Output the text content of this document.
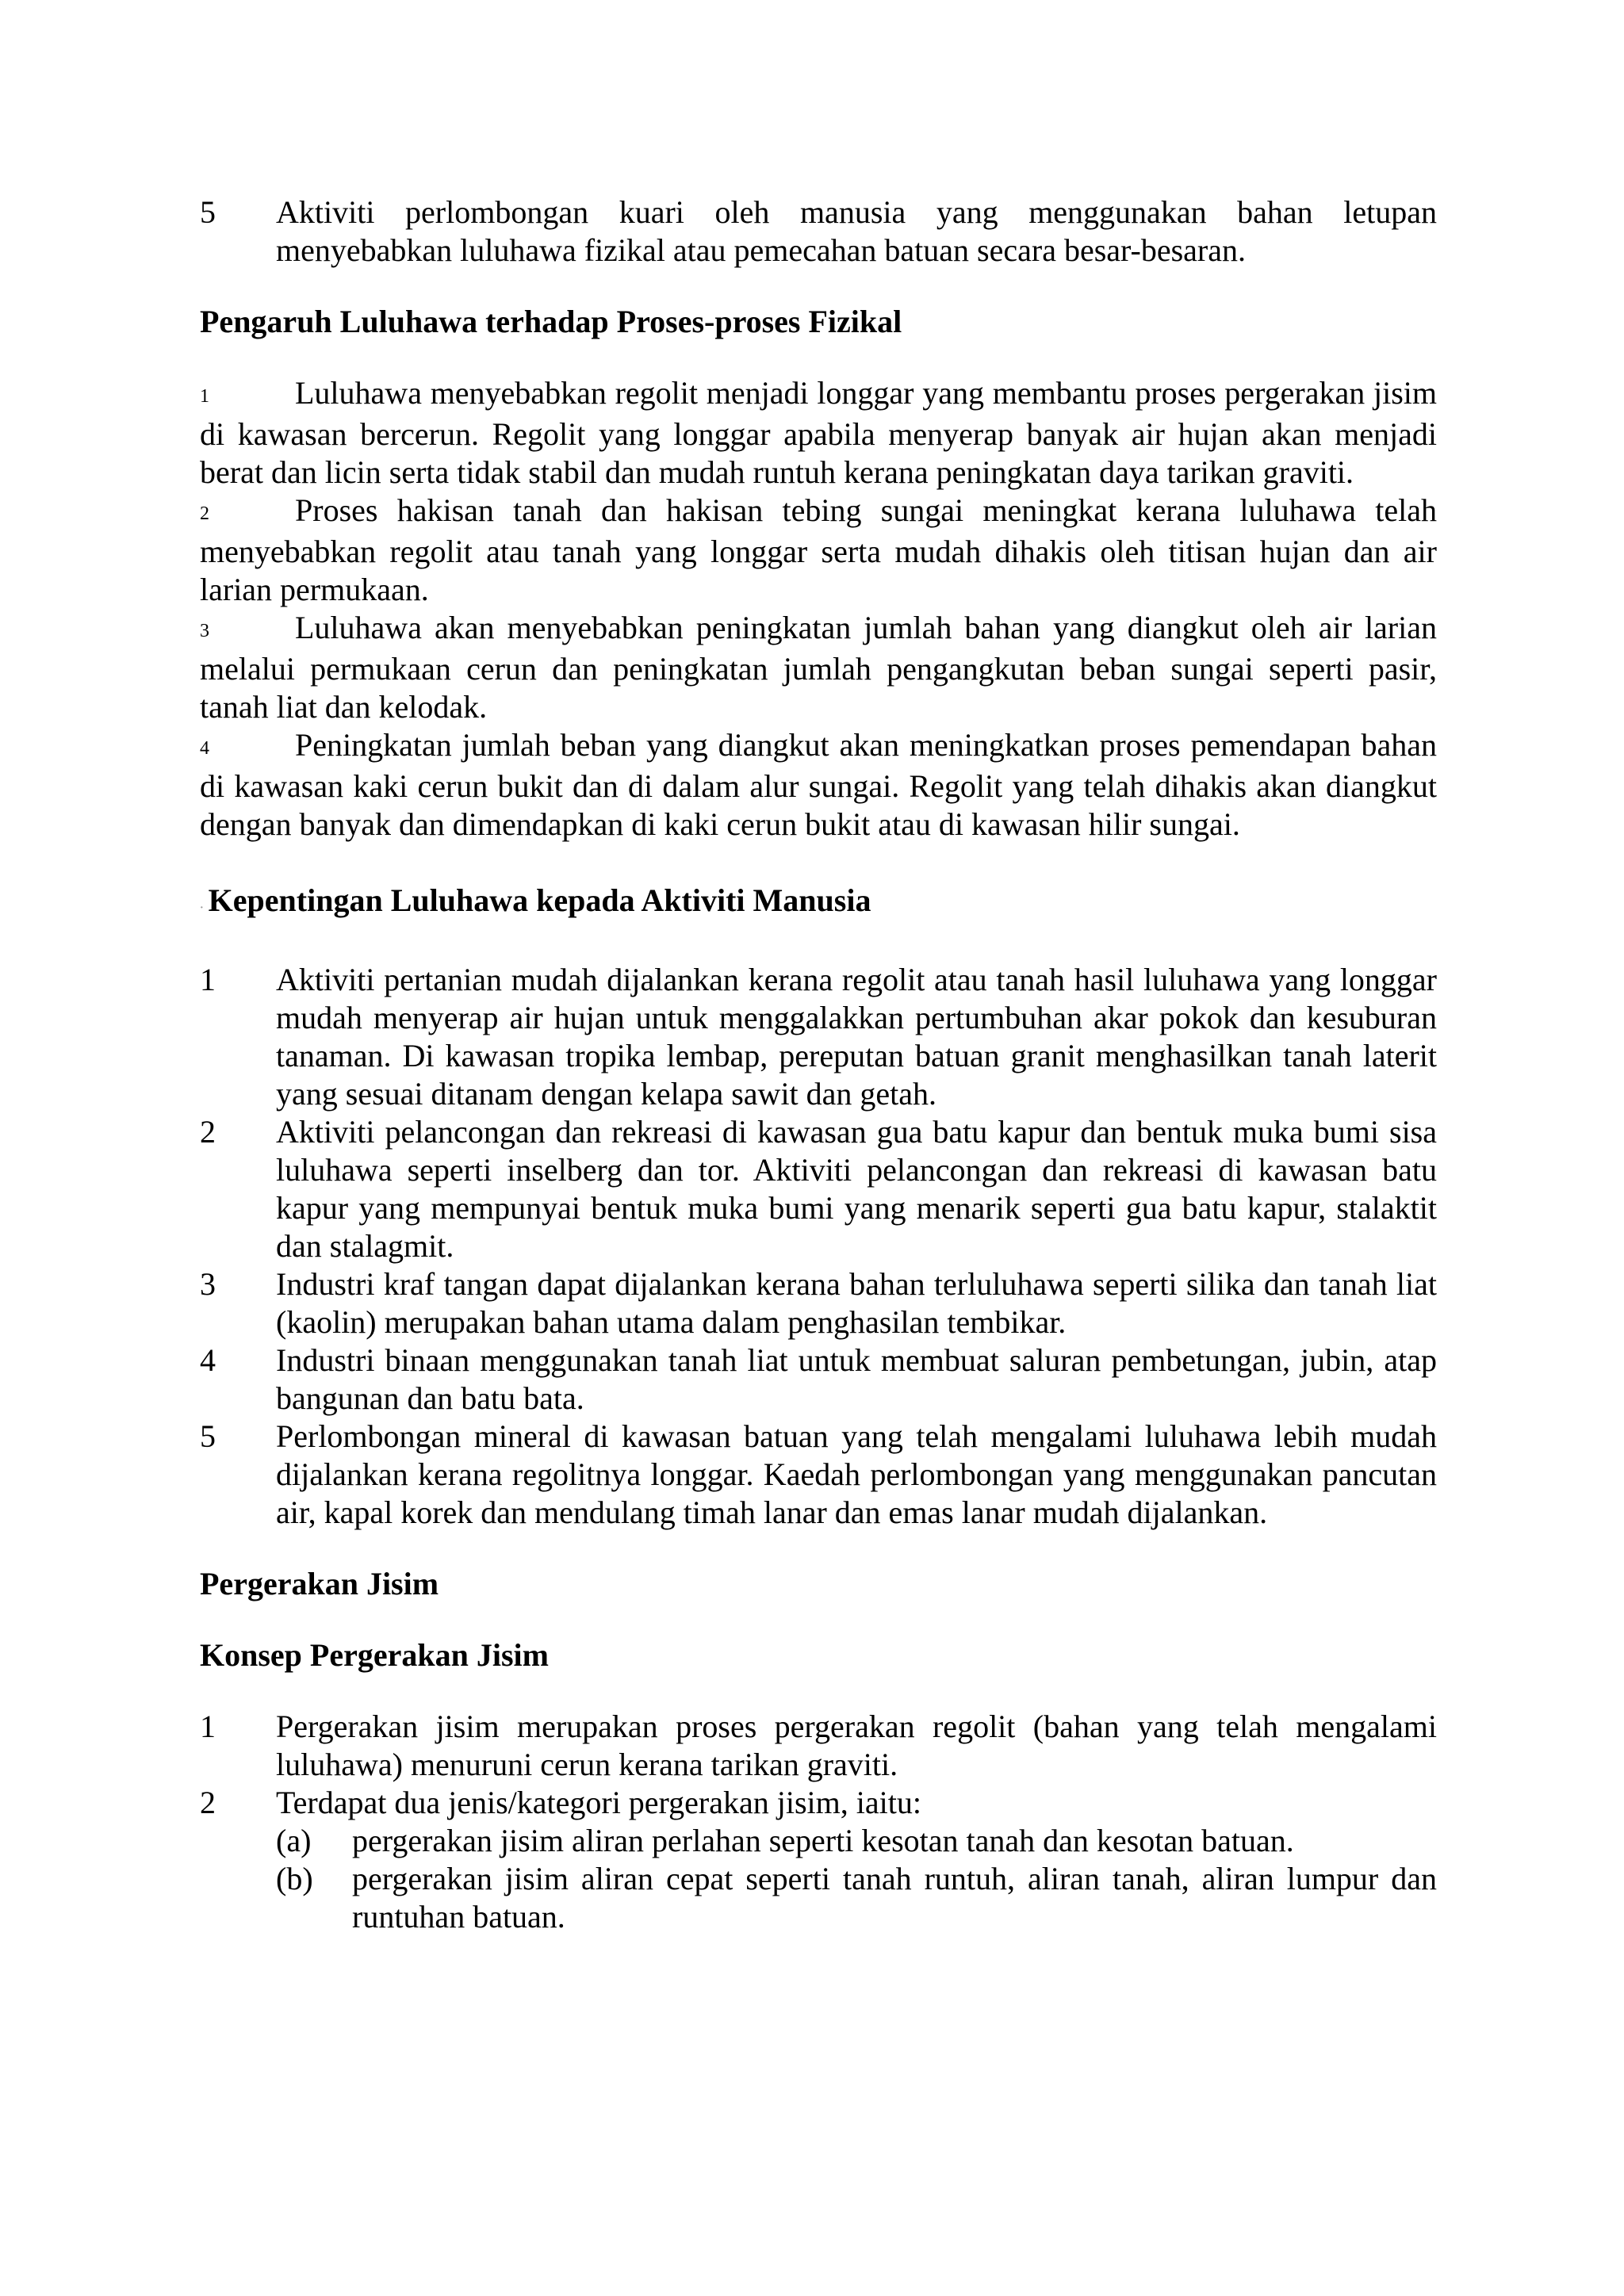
5	Aktiviti perlombongan kuari oleh manusia yang menggunakan bahan letupan menyebabkan luluhawa fizikal atau pemecahan batuan secara besar-besaran.
Pengaruh Luluhawa terhadap Proses-proses Fizikal
1	Luluhawa menyebabkan regolit menjadi longgar yang membantu proses pergerakan jisim di kawasan bercerun. Regolit yang longgar apabila menyerap banyak air hujan akan menjadi berat dan licin serta tidak stabil dan mudah runtuh kerana peningkatan daya tarikan graviti.
2	Proses hakisan tanah dan hakisan tebing sungai meningkat kerana luluhawa telah menyebabkan regolit atau tanah yang longgar serta mudah dihakis oleh titisan hujan dan air larian permukaan.
3	Luluhawa akan menyebabkan peningkatan jumlah bahan yang diangkut oleh air larian melalui permukaan cerun dan peningkatan jumlah pengangkutan beban sungai seperti pasir, tanah liat dan kelodak.
4	Peningkatan jumlah beban yang diangkut akan meningkatkan proses pemendapan bahan di kawasan kaki cerun bukit dan di dalam alur sungai. Regolit yang telah dihakis akan diangkut dengan banyak dan dimendapkan di kaki cerun bukit atau di kawasan hilir sungai.
· Kepentingan Luluhawa kepada Aktiviti Manusia
1	Aktiviti pertanian mudah dijalankan kerana regolit atau tanah hasil luluhawa yang longgar mudah menyerap air hujan untuk menggalakkan pertumbuhan akar pokok dan kesuburan tanaman. Di kawasan tropika lembap, pereputan batuan granit menghasilkan tanah laterit yang sesuai ditanam dengan kelapa sawit dan getah.
2	Aktiviti pelancongan dan rekreasi di kawasan gua batu kapur dan bentuk muka bumi sisa luluhawa seperti inselberg dan tor. Aktiviti pelancongan dan rekreasi di kawasan batu kapur yang mempunyai bentuk muka bumi yang menarik seperti gua batu kapur, stalaktit dan stalagmit.
3	Industri kraf tangan dapat dijalankan kerana bahan terluluhawa seperti silika dan tanah liat (kaolin) merupakan bahan utama dalam penghasilan tembikar.
4	Industri binaan menggunakan tanah liat untuk membuat saluran pembetungan, jubin, atap bangunan dan batu bata.
5	Perlombongan mineral di kawasan batuan yang telah mengalami luluhawa lebih mudah dijalankan kerana regolitnya longgar. Kaedah perlombongan yang menggunakan pancutan air, kapal korek dan mendulang timah lanar dan emas lanar mudah dijalankan.
Pergerakan Jisim
Konsep Pergerakan Jisim
1	Pergerakan jisim merupakan proses pergerakan regolit (bahan yang telah mengalami luluhawa) menuruni cerun kerana tarikan graviti.
2	Terdapat dua jenis/kategori pergerakan jisim, iaitu:
(a)	pergerakan jisim aliran perlahan seperti kesotan tanah dan kesotan batuan.
(b)	pergerakan jisim aliran cepat seperti tanah runtuh, aliran tanah, aliran lumpur dan runtuhan batuan.
